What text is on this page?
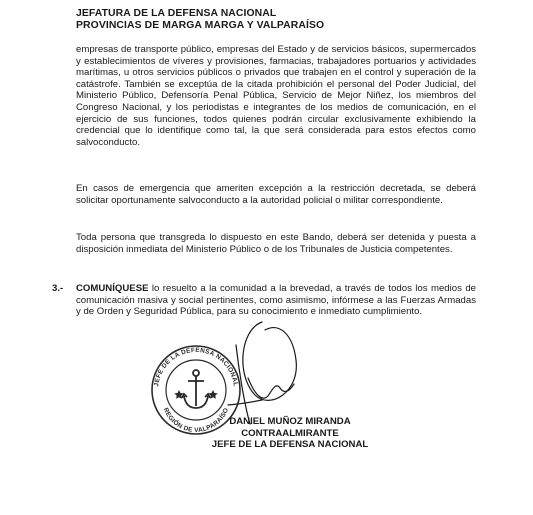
JEFATURA DE LA DEFENSA NACIONAL
PROVINCIAS DE MARGA MARGA Y VALPARAÍSO
empresas de transporte público, empresas del Estado y de servicios básicos, supermercados y establecimientos de víveres y provisiones, farmacias, trabajadores portuarios y actividades marítimas, u otros servicios públicos o privados que trabajen en el control y superación de la catástrofe. También se exceptúa de la citada prohibición el personal del Poder Judicial, del Ministerio Público, Defensoría Penal Pública, Servicio de Mejor Niñez, los miembros del Congreso Nacional, y los periodistas e integrantes de los medios de comunicación, en el ejercicio de sus funciones, todos quienes podrán circular exclusivamente exhibiendo la credencial que lo identifique como tal, la que será considerada para estos efectos como salvoconducto.
En casos de emergencia que ameriten excepción a la restricción decretada, se deberá solicitar oportunamente salvoconducto a la autoridad policial o militar correspondiente.
Toda persona que transgreda lo dispuesto en este Bando, deberá ser detenida y puesta a disposición inmediata del Ministerio Público o de los Tribunales de Justicia competentes.
3.- COMUNÍQUESE lo resuelto a la comunidad a la brevedad, a través de todos los medios de comunicación masiva y social pertinentes, como asimismo, infórmese a las Fuerzas Armadas y de Orden y Seguridad Pública, para su conocimiento e inmediato cumplimiento.
JEFE DE LA DEFENSA NACIONAL
REGIÓN DE VALPARAÍSO
DANIEL MUÑOZ MIRANDA
CONTRAALMIRANTE
JEFE DE LA DEFENSA NACIONAL
